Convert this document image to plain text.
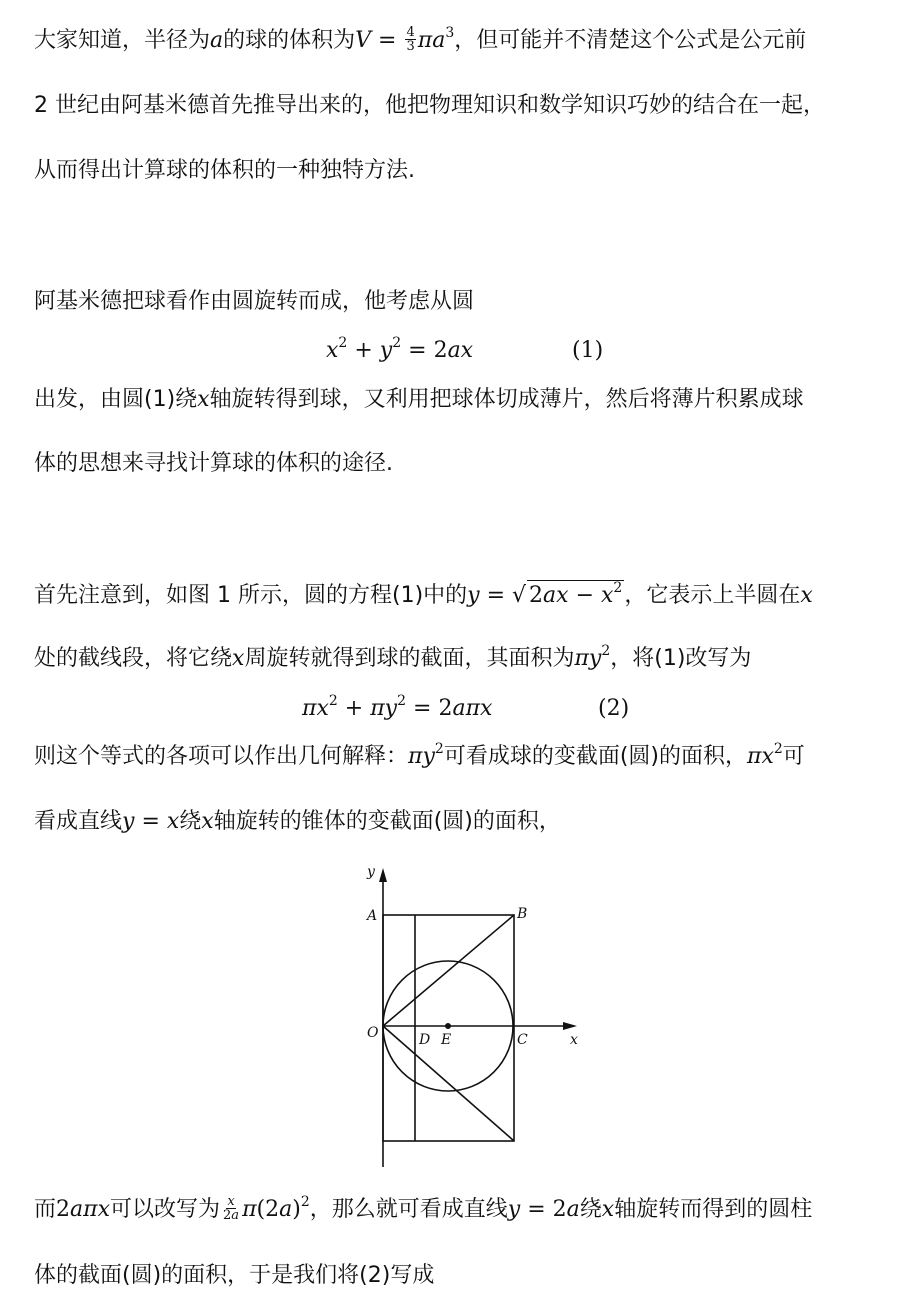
大家知道，半径为a的球的体积为$V = \frac{4}{3} \pi a^3$，但可能并不清楚这个公式是公元前
2 世纪由阿基米德首先推导出来的，他把物理知识和数学知识巧妙的结合在一起，
从而得出计算球的体积的一种独特方法.
阿基米德把球看作由圆旋转而成，他考虑从圆
$x^2 + y^2 = 2ax$	(1)
出发，由圆(1)绕x轴旋转得到球，又利用把球体切成薄片，然后将薄片积累成球
体的思想来寻找计算球的体积的途径.
首先注意到，如图 1 所示，圆的方程(1)中的y = √ $2ax - x^2$，它表示上半圆在x
处的截线段，将它绕x周旋转就得到球的截面，其面积为$\pi y^2$，将(1)改写为
$\pi x^2 + \pi y^2 = 2a\pi x$	(2)
则这个等式的各项可以作出几何解释：$\pi y^2$可看成球的变截面(圆)的面积，$\pi x^2$可
看成直线y = x绕x轴旋转的锥体的变截面(圆)的面积，
y
x
A	B
O	D E	C
而2aπx可以改写为 $\frac{x}{2a} \pi(2a)^2$，那么就可看成直线y = 2a绕x轴旋转而得到的圆柱
体的截面(圆)的面积，于是我们将(2)写成
